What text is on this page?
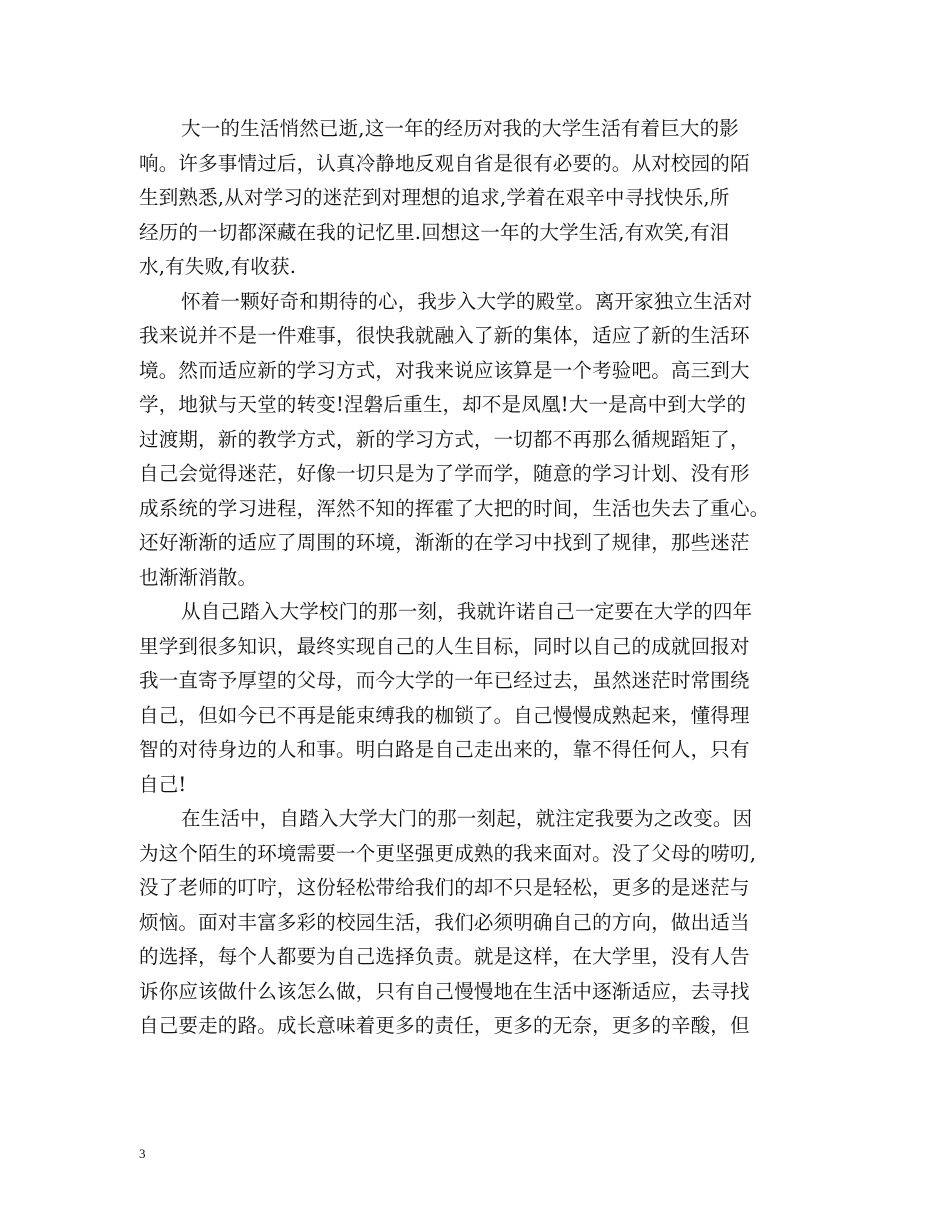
大一的生活悄然已逝,这一年的经历对我的大学生活有着巨大的影
响。许多事情过后，认真冷静地反观自省是很有必要的。从对校园的陌
生到熟悉,从对学习的迷茫到对理想的追求,学着在艰辛中寻找快乐,所
经历的一切都深藏在我的记忆里.回想这一年的大学生活,有欢笑,有泪
水,有失败,有收获.
怀着一颗好奇和期待的心，我步入大学的殿堂。离开家独立生活对
我来说并不是一件难事，很快我就融入了新的集体，适应了新的生活环
境。然而适应新的学习方式，对我来说应该算是一个考验吧。高三到大
学，地狱与天堂的转变!涅磐后重生，却不是凤凰!大一是高中到大学的
过渡期，新的教学方式，新的学习方式，一切都不再那么循规蹈矩了，
自己会觉得迷茫，好像一切只是为了学而学，随意的学习计划、没有形
成系统的学习进程，浑然不知的挥霍了大把的时间，生活也失去了重心。
还好渐渐的适应了周围的环境，渐渐的在学习中找到了规律，那些迷茫
也渐渐消散。
从自己踏入大学校门的那一刻，我就许诺自己一定要在大学的四年
里学到很多知识，最终实现自己的人生目标，同时以自己的成就回报对
我一直寄予厚望的父母，而今大学的一年已经过去，虽然迷茫时常围绕
自己，但如今已不再是能束缚我的枷锁了。自己慢慢成熟起来，懂得理
智的对待身边的人和事。明白路是自己走出来的，靠不得任何人，只有
自己!
在生活中，自踏入大学大门的那一刻起，就注定我要为之改变。因
为这个陌生的环境需要一个更坚强更成熟的我来面对。没了父母的唠叨,
没了老师的叮咛，这份轻松带给我们的却不只是轻松，更多的是迷茫与
烦恼。面对丰富多彩的校园生活，我们必须明确自己的方向，做出适当
的选择，每个人都要为自己选择负责。就是这样，在大学里，没有人告
诉你应该做什么该怎么做，只有自己慢慢地在生活中逐渐适应，去寻找
自己要走的路。成长意味着更多的责任，更多的无奈，更多的辛酸，但
3
